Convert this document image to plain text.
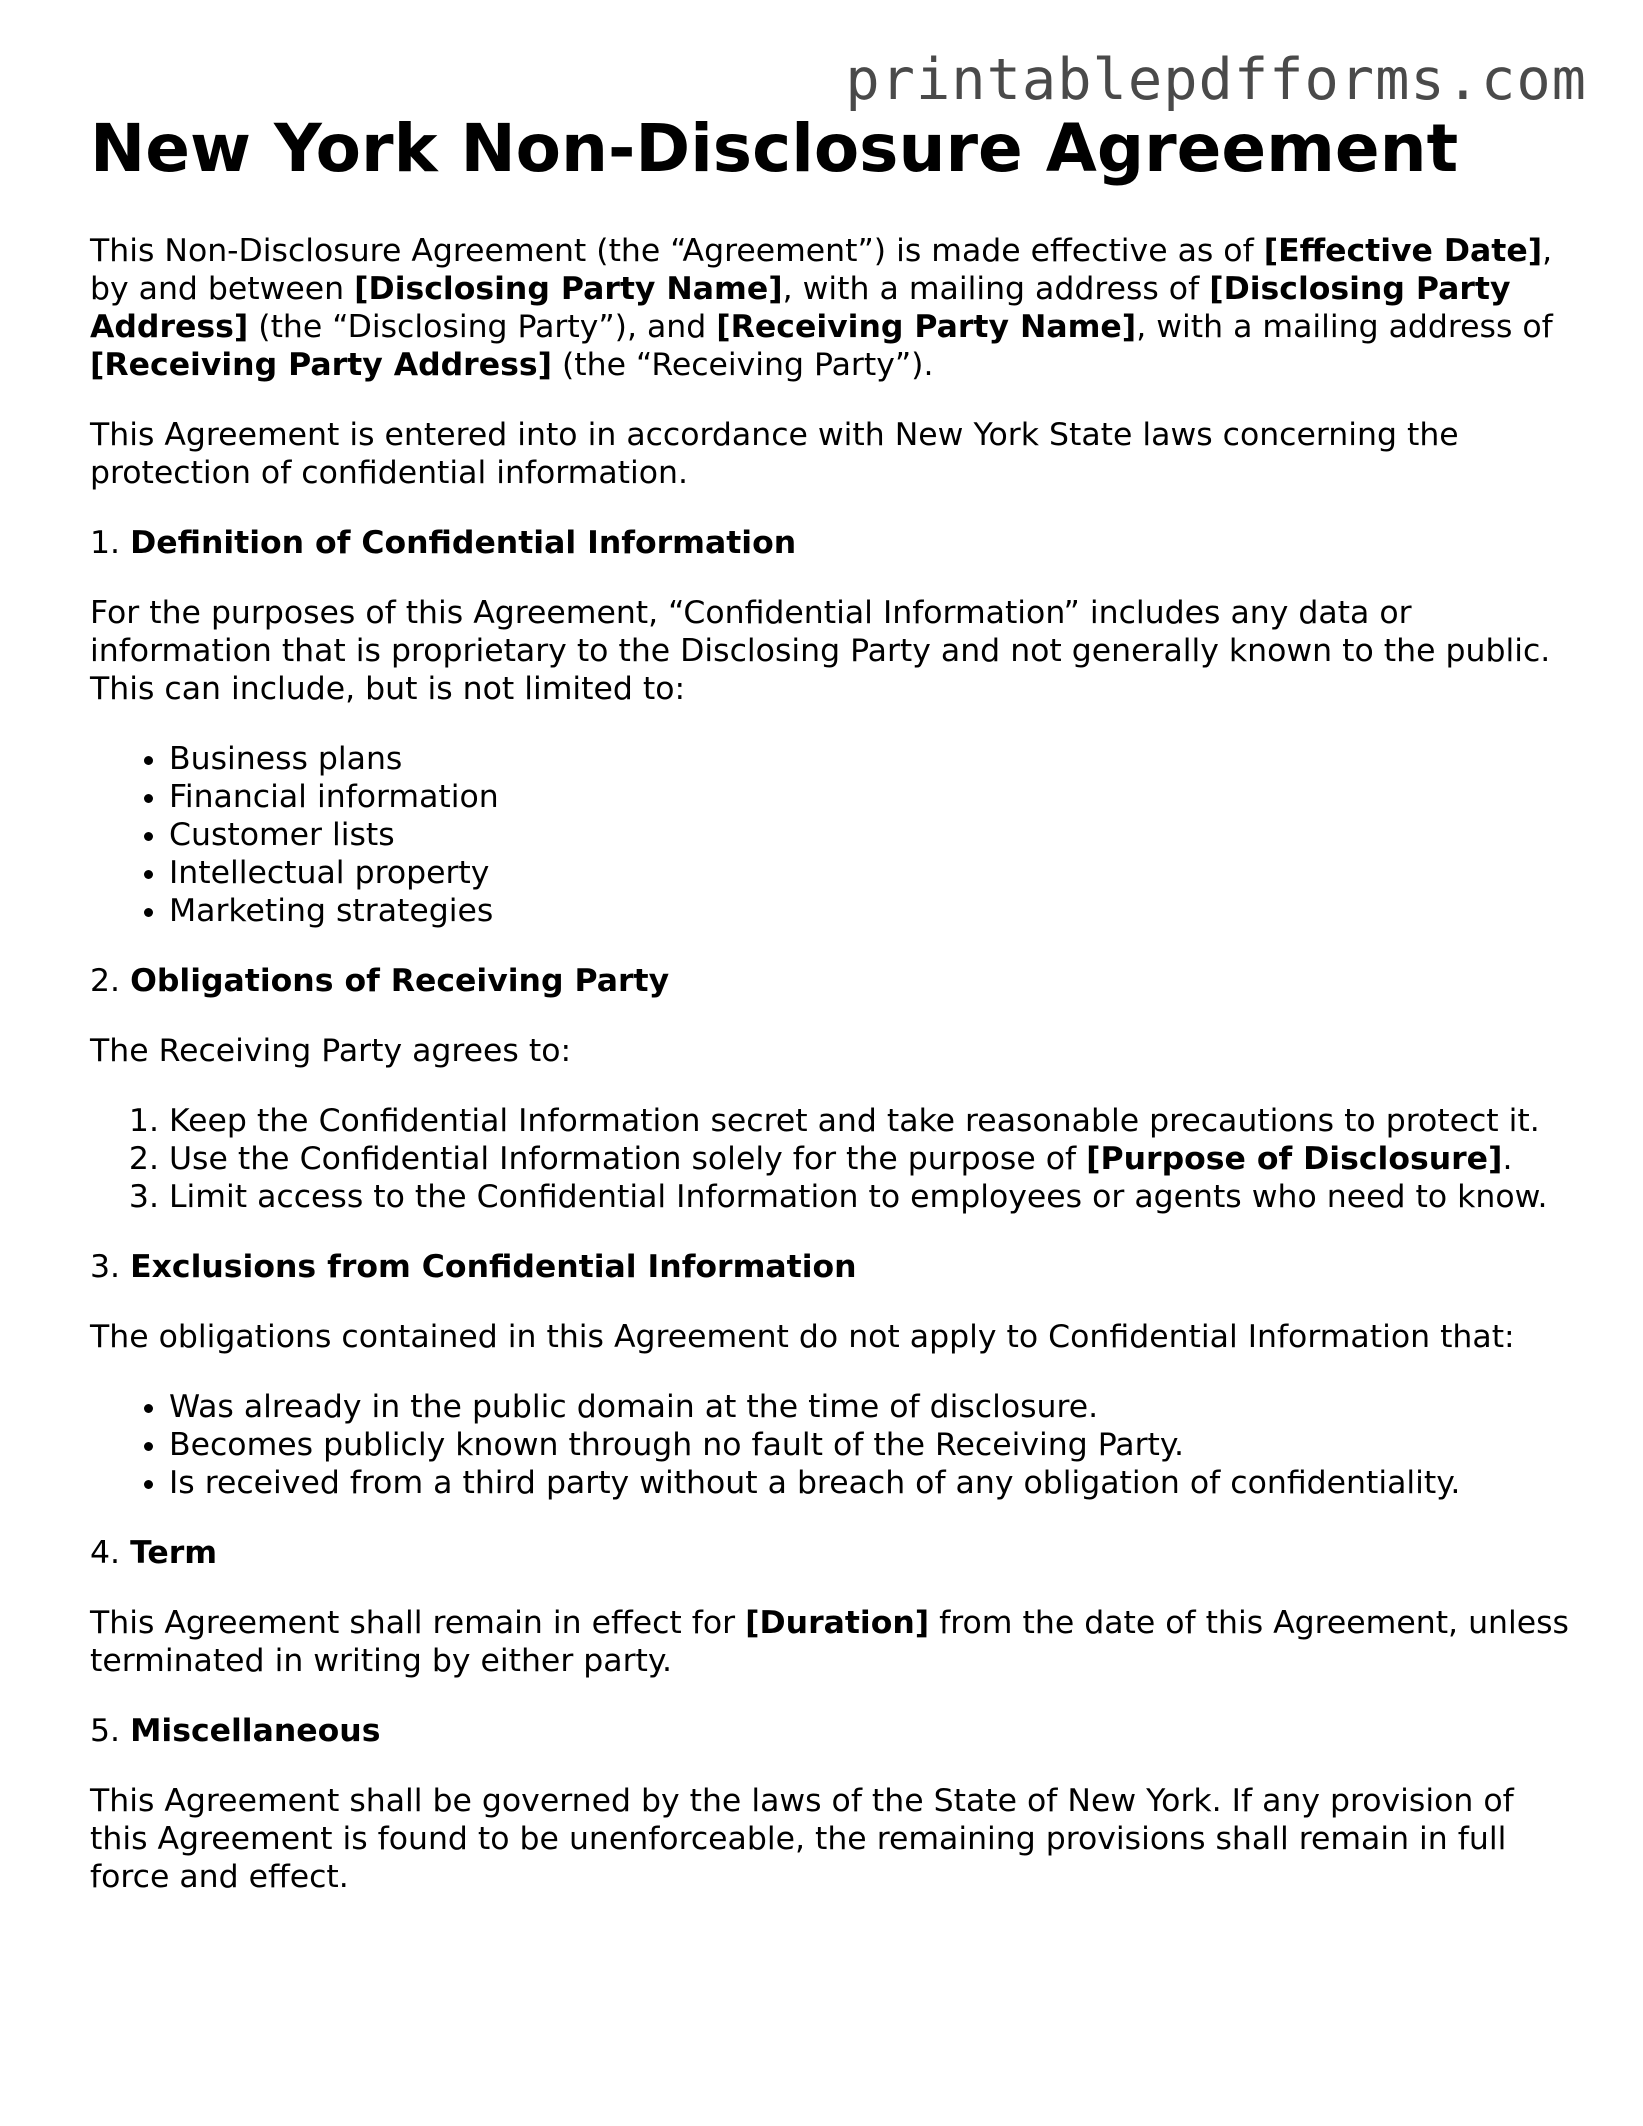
printablepdfforms.com
New York Non-Disclosure Agreement

This Non-Disclosure Agreement (the “Agreement”) is made effective as of [Effective Date], by and between [Disclosing Party Name], with a mailing address of [Disclosing Party Address] (the “Disclosing Party”), and [Receiving Party Name], with a mailing address of [Receiving Party Address] (the “Receiving Party”).

This Agreement is entered into in accordance with New York State laws concerning the protection of confidential information.

1. Definition of Confidential Information

For the purposes of this Agreement, “Confidential Information” includes any data or information that is proprietary to the Disclosing Party and not generally known to the public. This can include, but is not limited to:

• Business plans
• Financial information
• Customer lists
• Intellectual property
• Marketing strategies
2. Obligations of Receiving Party

The Receiving Party agrees to:

1. Keep the Confidential Information secret and take reasonable precautions to protect it.
2. Use the Confidential Information solely for the purpose of [Purpose of Disclosure].
3. Limit access to the Confidential Information to employees or agents who need to know.
3. Exclusions from Confidential Information

The obligations contained in this Agreement do not apply to Confidential Information that:

• Was already in the public domain at the time of disclosure.
• Becomes publicly known through no fault of the Receiving Party.
• Is received from a third party without a breach of any obligation of confidentiality.
4. Term

This Agreement shall remain in effect for [Duration] from the date of this Agreement, unless terminated in writing by either party.

5. Miscellaneous

This Agreement shall be governed by the laws of the State of New York. If any provision of this Agreement is found to be unenforceable, the remaining provisions shall remain in full force and effect.
